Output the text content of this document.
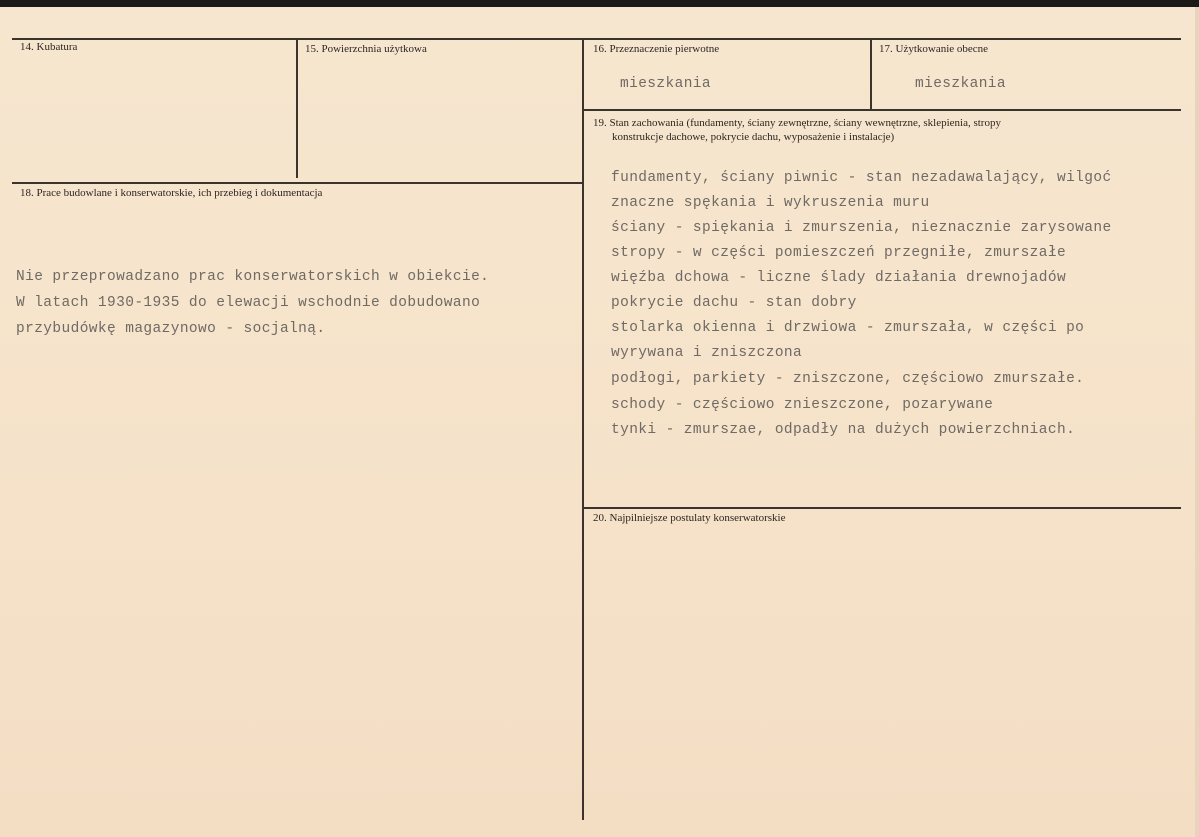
14. Kubatura	15. Powierzchnia użytkowa	16. Przeznaczenie pierwotne
mieszkania
17. Użytkowanie obecne
mieszkania
18. Prace budowlane i konserwatorskie, ich przebieg i dokumentacja
Nie przeprowadzano prac konserwatorskich w obiekcie.
W latach 1930-1935 do elewacji wschodnie dobudowano
przybudówkę magazynowo - socjalną.
19. Stan zachowania (fundamenty, ściany zewnętrzne, ściany wewnętrzne, sklepienia, stropy
konstrukcje dachowe, pokrycie dachu, wyposażenie i instalacje)
fundamenty, ściany piwnic - stan nezadawalający, wilgoć
znaczne spękania i wykruszenia muru
ściany - spiękania i zmurszenia, nieznacznie zarysowane
stropy - w części pomieszczeń przegniłe, zmurszałe
więźba dchowa - liczne ślady działania drewnojadów
pokrycie dachu - stan dobry
stolarka okienna i drzwiowa - zmurszała, w części po
wyrywana i zniszczona
podłogi, parkiety - zniszczone, częściowo zmurszałe.
schody - częściowo znieszczone, pozarywane
tynki - zmurszae, odpadły na dużych powierzchniach.
20. Najpilniejsze postulaty konserwatorskie
